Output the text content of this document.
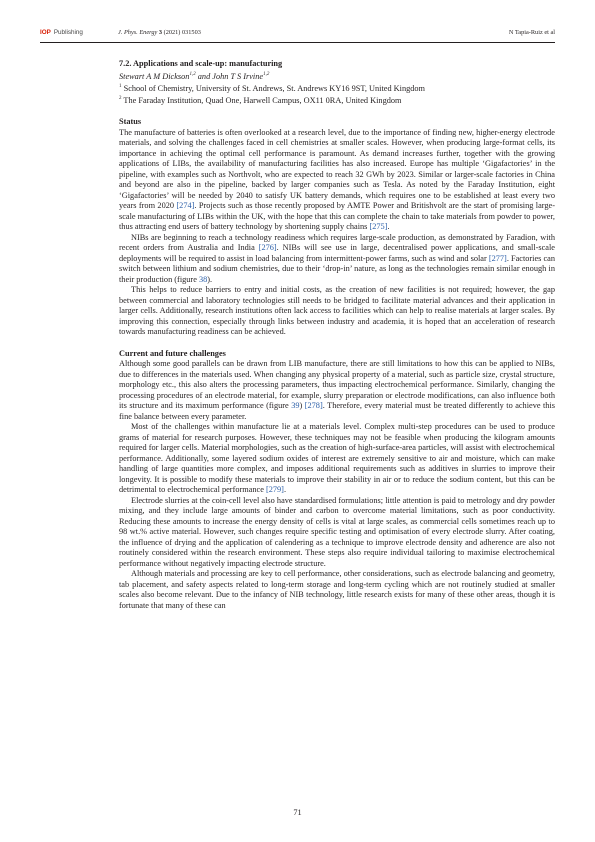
IOP Publishing	J. Phys. Energy 3 (2021) 031503	N Tapia-Ruiz et al

7.2. Applications and scale-up: manufacturing

Stewart A M Dickson$^{1,2}$ and John T S Irvine$^{1,2}$

$^1$ School of Chemistry, University of St. Andrews, St. Andrews KY16 9ST, United Kingdom

$^2$ The Faraday Institution, Quad One, Harwell Campus, OX11 0RA, United Kingdom

Status

The manufacture of batteries is often overlooked at a research level, due to the importance of finding new, higher-energy electrode materials, and solving the challenges faced in cell chemistries at smaller scales. However, when producing large-format cells, its importance in achieving the optimal cell performance is paramount. As demand increases further, together with the growing applications of LIBs, the availability of manufacturing facilities has also increased. Europe has multiple ‘Gigafactories’ in the pipeline, with examples such as Northvolt, who are expected to reach 32 GWh by 2023. Similar or larger-scale factories in China and beyond are also in the pipeline, backed by larger companies such as Tesla. As noted by the Faraday Institution, eight ‘Gigafactories’ will be needed by 2040 to satisfy UK battery demands, which requires one to be established at least every two years from 2020 [274]. Projects such as those recently proposed by AMTE Power and Britishvolt are the start of promising large-scale manufacturing of LIBs within the UK, with the hope that this can complete the chain to take materials from powder to power, thus attracting end users of battery technology by shortening supply chains [275].

NIBs are beginning to reach a technology readiness which requires large-scale production, as demonstrated by Faradion, with recent orders from Australia and India [276]. NIBs will see use in large, decentralised power applications, and small-scale deployments will be required to assist in load balancing from intermittent-power farms, such as wind and solar [277]. Factories can switch between lithium and sodium chemistries, due to their ‘drop-in’ nature, as long as the technologies remain similar enough in their production (figure 38).

This helps to reduce barriers to entry and initial costs, as the creation of new facilities is not required; however, the gap between commercial and laboratory technologies still needs to be bridged to facilitate material advances and their application in larger cells. Additionally, research institutions often lack access to facilities which can help to realise materials at larger scales. By improving this connection, especially through links between industry and academia, it is hoped that an acceleration of research towards manufacturing readiness can be achieved.

Current and future challenges

Although some good parallels can be drawn from LIB manufacture, there are still limitations to how this can be applied to NIBs, due to differences in the materials used. When changing any physical property of a material, such as particle size, crystal structure, morphology etc., this also alters the processing parameters, thus impacting electrochemical performance. Similarly, changing the processing procedures of an electrode material, for example, slurry preparation or electrode modifications, can also influence both its structure and its maximum performance (figure 39) [278]. Therefore, every material must be treated differently to achieve this fine balance between every parameter.

Most of the challenges within manufacture lie at a materials level. Complex multi-step procedures can be used to produce grams of material for research purposes. However, these techniques may not be feasible when producing the kilogram amounts required for larger cells. Material morphologies, such as the creation of high-surface-area particles, will assist with electrochemical performance. Additionally, some layered sodium oxides of interest are extremely sensitive to air and moisture, which can make handling of large quantities more complex, and imposes additional requirements such as additives in slurries to improve their longevity. It is possible to modify these materials to improve their stability in air or to reduce the sodium content, but this can be detrimental to electrochemical performance [279].

Electrode slurries at the coin-cell level also have standardised formulations; little attention is paid to metrology and dry powder mixing, and they include large amounts of binder and carbon to overcome material limitations, such as poor conductivity. Reducing these amounts to increase the energy density of cells is vital at large scales, as commercial cells sometimes reach up to 98 wt.% active material. However, such changes require specific testing and optimisation of every electrode slurry. After coating, the influence of drying and the application of calendering as a technique to improve electrode density and adherence are also not routinely considered within the research environment. These steps also require individual tailoring to maximise electrochemical performance without negatively impacting electrode structure.

Although materials and processing are key to cell performance, other considerations, such as electrode balancing and geometry, tab placement, and safety aspects related to long-term storage and long-term cycling which are not routinely studied at smaller scales also become relevant. Due to the infancy of NIB technology, little research exists for many of these other areas, though it is fortunate that many of these can

71
